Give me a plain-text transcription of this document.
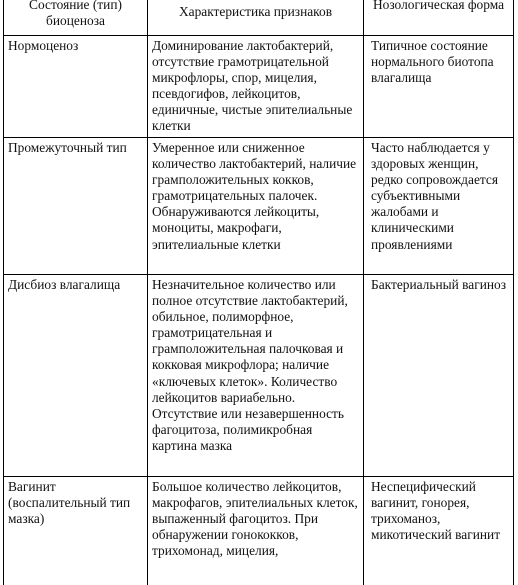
Состояние (тип) биоценоза	Характеристика признаков	Нозологическая форма

Нормоценоз	Доминирование лактобактерий, отсутствие грамотрицательной микрофлоры, спор, мицелия, псевдогифов, лейкоцитов, единичные, чистые эпителиальные клетки	Типичное состояние нормального биотопа влагалища

Промежуточный тип	Умеренное или сниженное количество лактобактерий, наличие грамположительных кокков, грамотрицательных палочек. Обнаруживаются лейкоциты, моноциты, макрофаги, эпителиальные клетки	Часто наблюдается у здоровых женщин, редко сопровождается субъективными жалобами и клиническими проявлениями

Дисбиоз влагалища	Незначительное количество или полное отсутствие лактобактерий, обильное, полиморфное, грамотрицательная и грамположительная палочковая и кокковая микрофлора; наличие «ключевых клеток». Количество лейкоцитов вариабельно. Отсутствие или незавершенность фагоцитоза, полимикробная картина мазка	Бактериальный вагиноз

Вагинит (воспалительный тип мазка)	Большое количество лейкоцитов, макрофагов, эпителиальных клеток, выпаженный фагоцитоз. При обнаружении гонококков, трихомонад, мицелия,	Неспецифический вагинит, гонорея, трихоманоз, микотический вагинит
